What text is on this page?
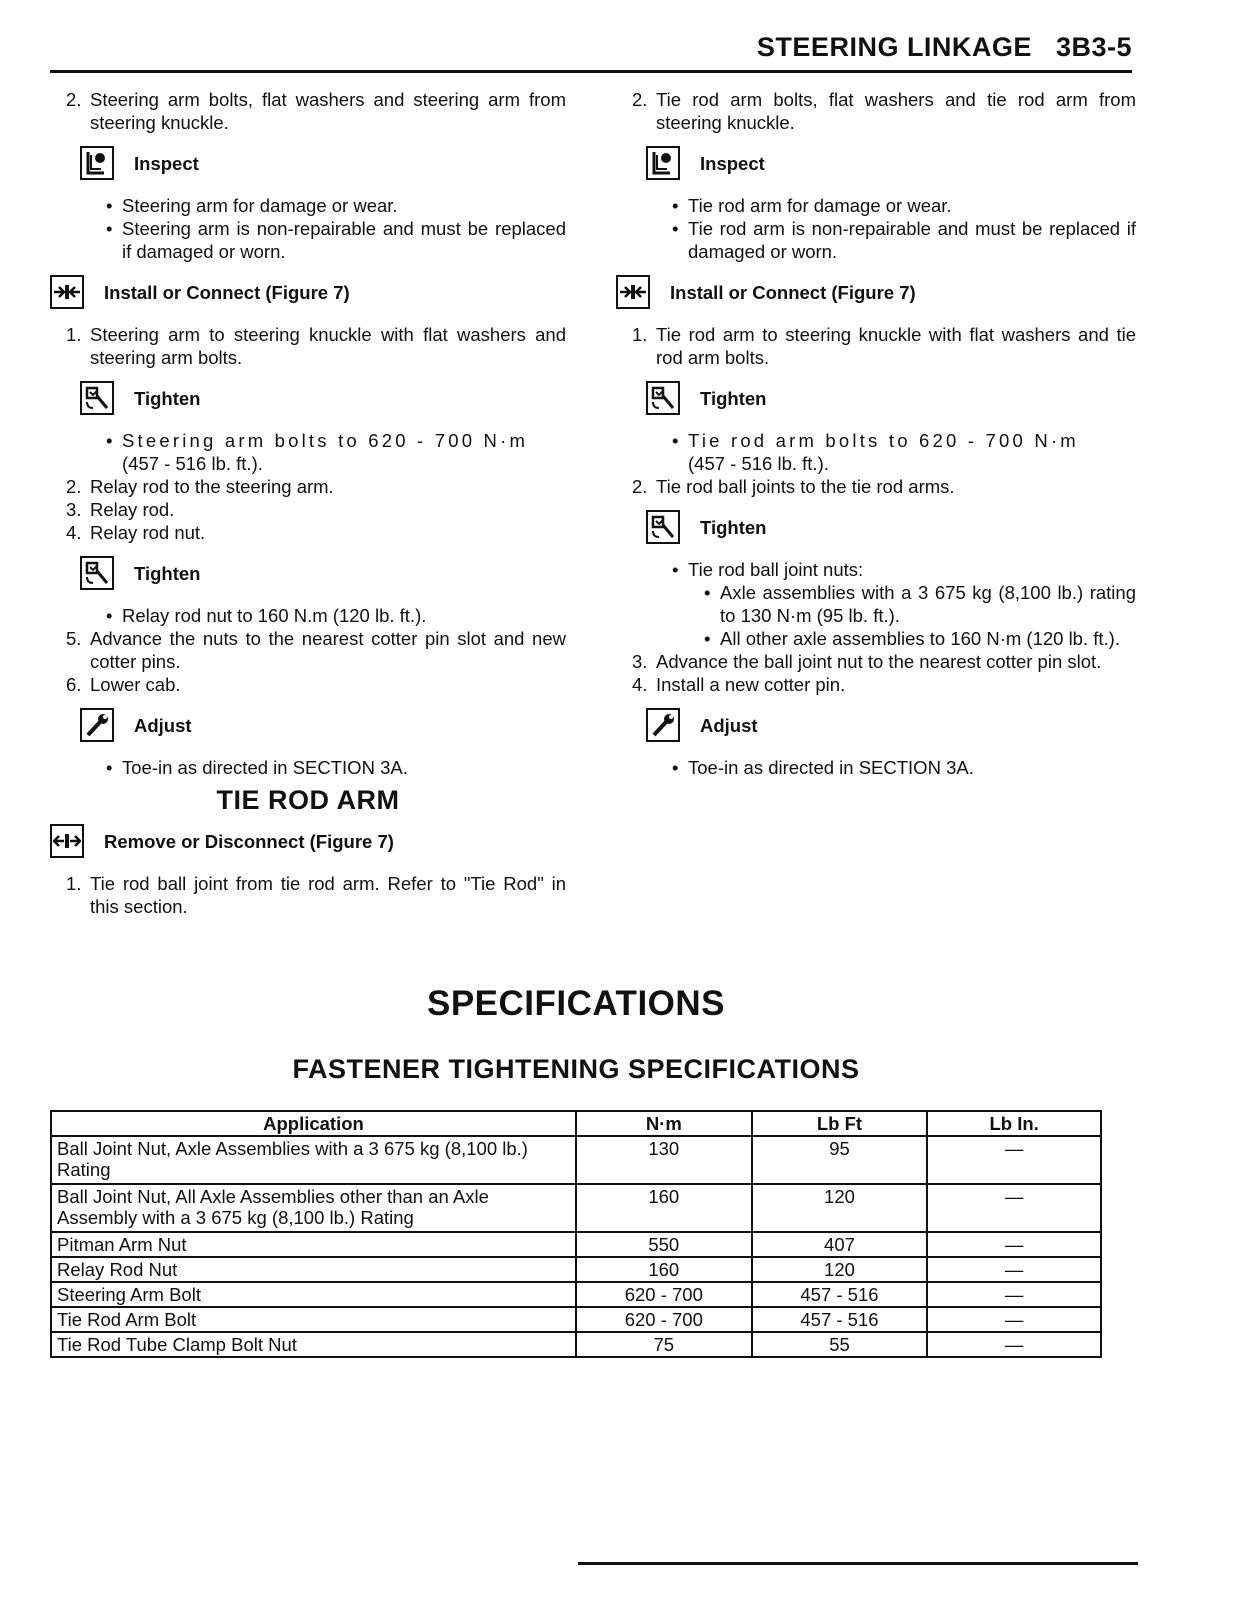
STEERING LINKAGE   3B3-5
2. Steering arm bolts, flat washers and steering arm from steering knuckle.
Inspect
• Steering arm for damage or wear.
• Steering arm is non-repairable and must be replaced if damaged or worn.
Install or Connect (Figure 7)
1. Steering arm to steering knuckle with flat washers and steering arm bolts.
Tighten
• Steering arm bolts to 620 - 700 N·m
(457 - 516 lb. ft.).
2. Relay rod to the steering arm.
3. Relay rod.
4. Relay rod nut.
Tighten
• Relay rod nut to 160 N.m (120 lb. ft.).
5. Advance the nuts to the nearest cotter pin slot and new cotter pins.
6. Lower cab.
Adjust
• Toe-in as directed in SECTION 3A.
TIE ROD ARM
Remove or Disconnect (Figure 7)
1. Tie rod ball joint from tie rod arm. Refer to "Tie Rod" in this section.
2. Tie rod arm bolts, flat washers and tie rod arm from steering knuckle.
Inspect
• Tie rod arm for damage or wear.
• Tie rod arm is non-repairable and must be replaced if damaged or worn.
Install or Connect (Figure 7)
1. Tie rod arm to steering knuckle with flat washers and tie rod arm bolts.
Tighten
• Tie rod arm bolts to 620 - 700 N·m
(457 - 516 lb. ft.).
2. Tie rod ball joints to the tie rod arms.
Tighten
• Tie rod ball joint nuts:
• Axle assemblies with a 3 675 kg (8,100 lb.) rating to 130 N·m (95 lb. ft.).
• All other axle assemblies to 160 N·m (120 lb. ft.).
3. Advance the ball joint nut to the nearest cotter pin slot.
4. Install a new cotter pin.
Adjust
• Toe-in as directed in SECTION 3A.
SPECIFICATIONS
FASTENER TIGHTENING SPECIFICATIONS
Application	N·m	Lb Ft	Lb In.
Ball Joint Nut, Axle Assemblies with a 3 675 kg (8,100 lb.) Rating	130	95	—
Ball Joint Nut, All Axle Assemblies other than an Axle Assembly with a 3 675 kg (8,100 lb.) Rating	160	120	—
Pitman Arm Nut	550	407	—
Relay Rod Nut	160	120	—
Steering Arm Bolt	620 - 700	457 - 516	—
Tie Rod Arm Bolt	620 - 700	457 - 516	—
Tie Rod Tube Clamp Bolt Nut	75	55	—
